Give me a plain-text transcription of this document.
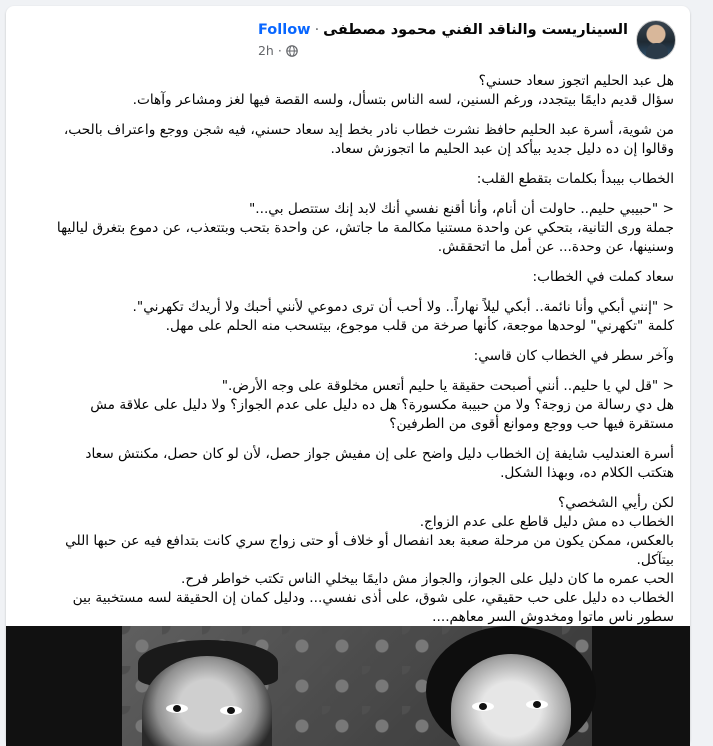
السيناريست والناقد الفني محمود مصطفى·Follow
2h ·

هل عبد الحليم اتجوز سعاد حسني؟
سؤال قديم دايمًا بيتجدد، ورغم السنين، لسه الناس بتسأل، ولسه القصة فيها لغز ومشاعر وآهات.

من شوية، أسرة عبد الحليم حافظ نشرت خطاب نادر بخط إيد سعاد حسني، فيه شجن ووجع واعتراف بالحب،
وقالوا إن ده دليل جديد بيأكد إن عبد الحليم ما اتجوزش سعاد.

الخطاب بيبدأ بكلمات بتقطع القلب:

< "حبيبي حليم.. حاولت أن أنام، وأنا أقنع نفسي أنك لابد إنك ستتصل بي..."
جملة ورى التانية، بتحكي عن واحدة مستنيا مكالمة ما جاتش، عن واحدة بتحب وبتتعذب، عن دموع بتغرق لياليها
وسنينها، عن وحدة... عن أمل ما اتحققش.

سعاد كملت في الخطاب:

< "إنني أبكي وأنا نائمة.. أبكي ليلاً نهاراً.. ولا أحب أن ترى دموعي لأنني أحبك ولا أريدك تكهرني".
كلمة "تكهرني" لوحدها موجعة، كأنها صرخة من قلب موجوع، بيتسحب منه الحلم على مهل.

وآخر سطر في الخطاب كان قاسي:

< "قل لي يا حليم.. أنني أصبحت حقيقة يا حليم أتعس مخلوقة على وجه الأرض."
هل دي رسالة من زوجة؟ ولا من حبيبة مكسورة؟ هل ده دليل على عدم الجواز؟ ولا دليل على علاقة مش
مستقرة فيها حب ووجع وموانع أقوى من الطرفين؟

أسرة العندليب شايفة إن الخطاب دليل واضح على إن مفيش جواز حصل، لأن لو كان حصل، مكنتش سعاد
هتكتب الكلام ده، وبهذا الشكل.

لكن رأيي الشخصي؟
الخطاب ده مش دليل قاطع على عدم الزواج.
بالعكس، ممكن يكون من مرحلة صعبة بعد انفصال أو خلاف أو حتى زواج سري كانت بتدافع فيه عن حبها اللي
بيتآكل.
الحب عمره ما كان دليل على الجواز، والجواز مش دايمًا بيخلي الناس تكتب خواطر فرح.
الخطاب ده دليل على حب حقيقي، على شوق، على أذى نفسي... ودليل كمان إن الحقيقة لسه مستخبية بين
سطور ناس ماتوا ومخدوش السر معاهم....
